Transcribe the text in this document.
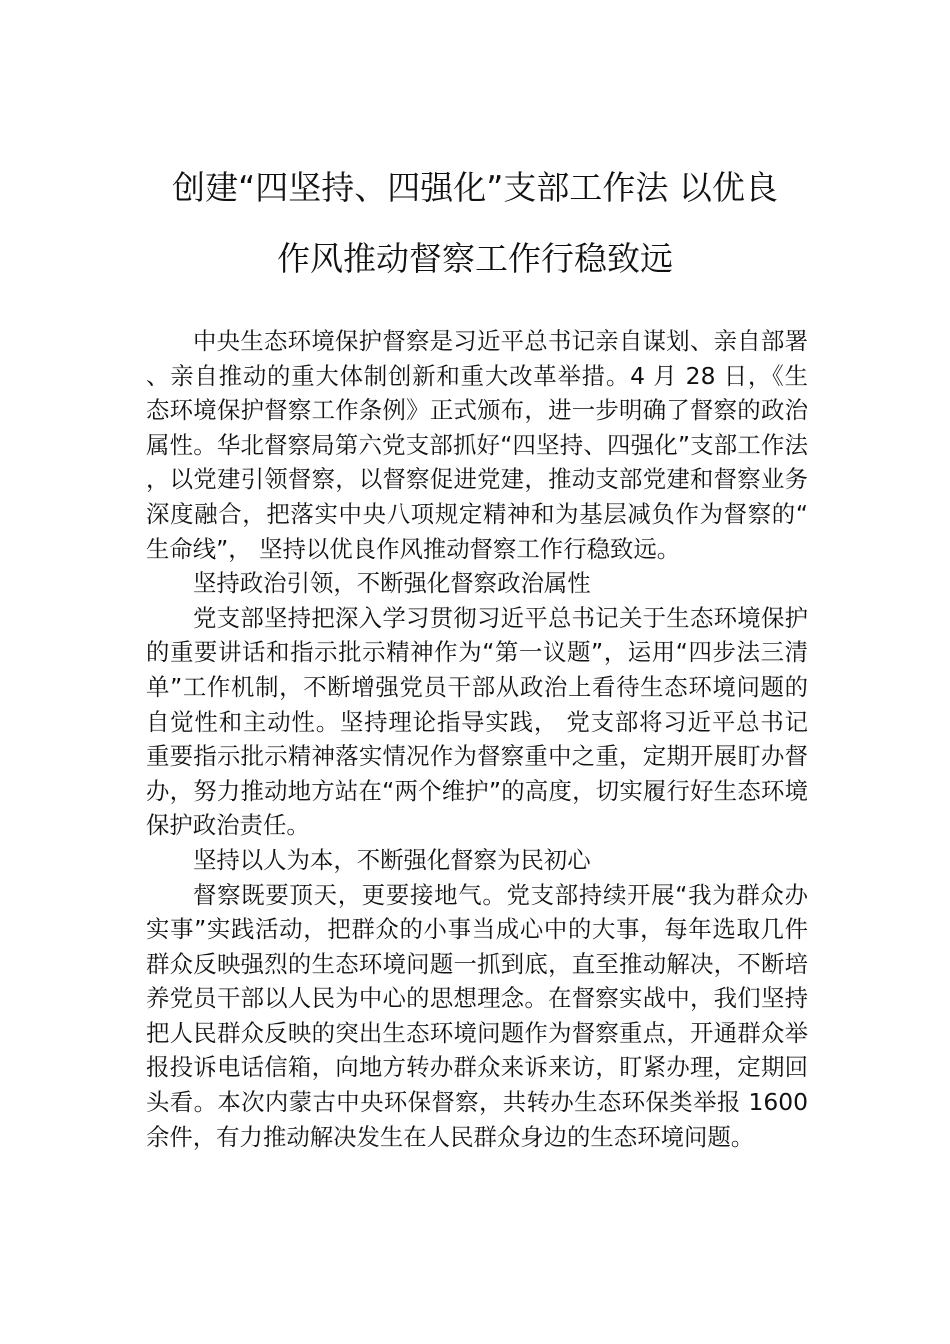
创建“四坚持、四强化”支部工作法 以优良
作风推动督察工作行稳致远

中央生态环境保护督察是习近平总书记亲自谋划、亲自部署、亲自推动的重大体制创新和重大改革举措。4 月 28 日，《生态环境保护督察工作条例》正式颁布，进一步明确了督察的政治属性。华北督察局第六党支部抓好“四坚持、四强化”支部工作法，以党建引领督察，以督察促进党建，推动支部党建和督察业务深度融合，把落实中央八项规定精神和为基层减负作为督察的“生命线”， 坚持以优良作风推动督察工作行稳致远。

坚持政治引领，不断强化督察政治属性

党支部坚持把深入学习贯彻习近平总书记关于生态环境保护的重要讲话和指示批示精神作为“第一议题”，运用“四步法三清单”工作机制，不断增强党员干部从政治上看待生态环境问题的自觉性和主动性。坚持理论指导实践， 党支部将习近平总书记重要指示批示精神落实情况作为督察重中之重，定期开展盯办督办，努力推动地方站在“两个维护”的高度，切实履行好生态环境保护政治责任。

坚持以人为本，不断强化督察为民初心

督察既要顶天，更要接地气。党支部持续开展“我为群众办实事”实践活动，把群众的小事当成心中的大事，每年选取几件群众反映强烈的生态环境问题一抓到底，直至推动解决，不断培养党员干部以人民为中心的思想理念。在督察实战中，我们坚持把人民群众反映的突出生态环境问题作为督察重点，开通群众举报投诉电话信箱，向地方转办群众来诉来访，盯紧办理，定期回头看。本次内蒙古中央环保督察，共转办生态环保类举报 1600 余件，有力推动解决发生在人民群众身边的生态环境问题。
